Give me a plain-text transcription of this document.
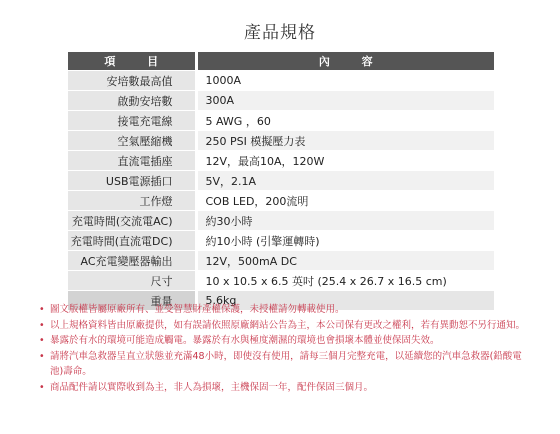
產品規格
項 目	內 容
安培數最高值	1000A
啟動安培數	300A
接電充電線	5 AWG ，60
空氣壓縮機	250 PSI 模擬壓力表
直流電插座	12V，最高10A，120W
USB電源插口	5V，2.1A
工作燈	COB LED，200流明
充電時間(交流電AC)	約30小時
充電時間(直流電DC)	約10小時 (引擎運轉時)
AC充電變壓器輸出	12V，500mA DC
尺寸	10 x 10.5 x 6.5 英吋 (25.4 x 26.7 x 16.5 cm)
重量	5.6kg
• 圖文版權皆屬原廠所有、並受智慧財產權保護，未授權請勿轉載使用。
• 以上規格資料皆由原廠提供，如有誤請依照原廠網站公告為主，本公司保有更改之權利，若有異動恕不另行通知。
• 暴露於有水的環境可能造成觸電。暴露於有水與極度潮濕的環境也會損壞本體並使保固失效。
• 請將汽車急救器呈直立狀態並充滿48小時，即使沒有使用，請每三個月完整充電，以延續您的汽車急救器(鉛酸電池)壽命。
• 商品配件請以實際收到為主，非人為損壞，主機保固一年，配件保固三個月。
